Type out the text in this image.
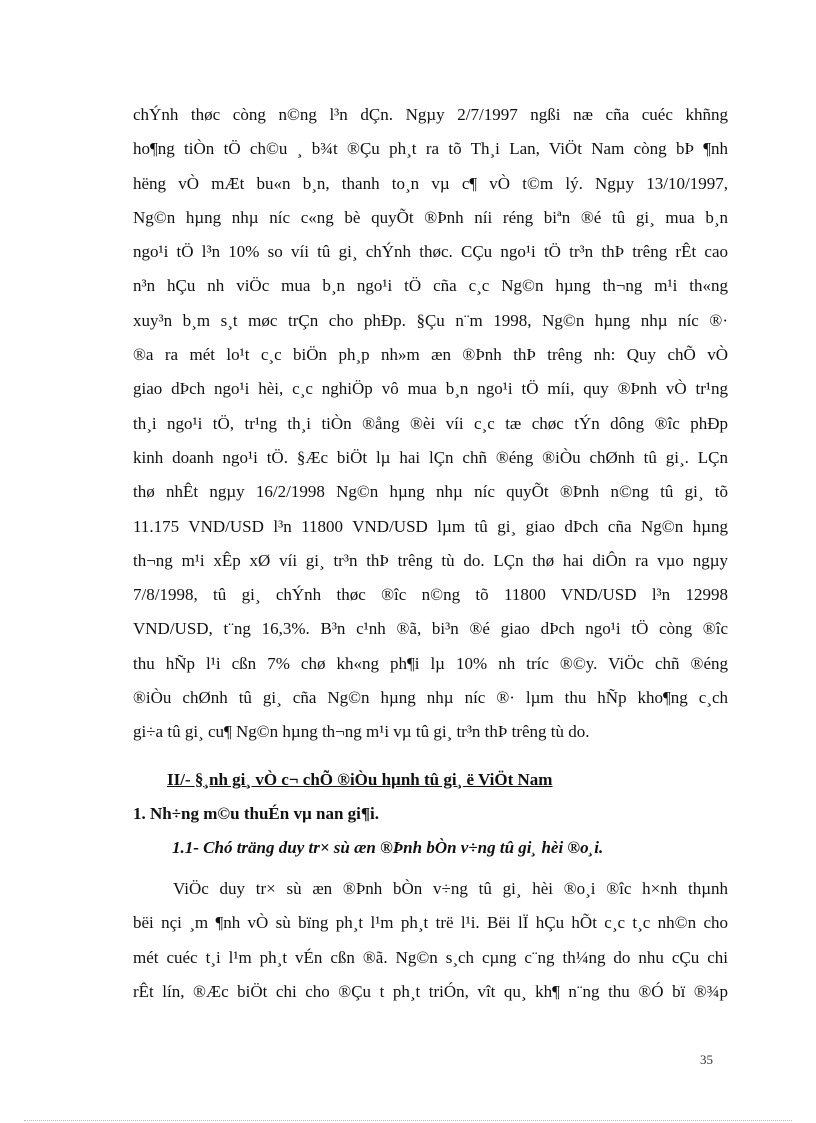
chÝnh thøc còng n©ng l³n dÇn. Ngµy 2/7/1997 ngßi næ cña cuéc khñng
ho¶ng tiÒn tÖ ch©u ¸ b¾t ®Çu ph¸t ra tõ Th¸i Lan, ViÖt Nam còng bÞ ¶nh
hëng vÒ mÆt bu«n b¸n, thanh to¸n vµ c¶ vÒ t©m lý. Ngµy 13/10/1997,
Ng©n hµng nhµ níc c«ng bè quyÕt ®Þnh níi réng biªn ®é tû gi¸ mua b¸n
ngo¹i tÖ l³n 10% so víi tû gi¸ chÝnh thøc. CÇu ngo¹i tÖ tr³n thÞ trêng rÊt cao
n³n hÇu nh viÖc mua b¸n ngo¹i tÖ cña c¸c Ng©n hµng th¬ng m¹i th«ng
xuy³n b¸m s¸t møc trÇn cho phÐp. §Çu n¨m 1998, Ng©n hµng nhµ níc ®·
®a ra mét lo¹t c¸c biÖn ph¸p nh»m æn ®Þnh thÞ trêng nh: Quy chÕ vÒ
giao dÞch ngo¹i hèi, c¸c nghiÖp vô mua b¸n ngo¹i tÖ míi, quy ®Þnh vÒ tr¹ng
th¸i ngo¹i tÖ, tr¹ng th¸i tiÒn ®ång ®èi víi c¸c tæ chøc tÝn dông ®îc phÐp
kinh doanh ngo¹i tÖ. §Æc biÖt lµ hai lÇn chñ ®éng ®iÒu chØnh tû gi¸. LÇn
thø nhÊt ngµy 16/2/1998 Ng©n hµng nhµ níc quyÕt ®Þnh n©ng tû gi¸ tõ
11.175 VND/USD l³n 11800 VND/USD lµm tû gi¸ giao dÞch cña Ng©n hµng
th¬ng m¹i xÊp xØ víi gi¸ tr³n thÞ trêng tù do. LÇn thø hai diÔn ra vµo ngµy
7/8/1998, tû gi¸ chÝnh thøc ®îc n©ng tõ 11800 VND/USD l³n 12998
VND/USD, t¨ng 16,3%. B³n c¹nh ®ã, bi³n ®é giao dÞch ngo¹i tÖ còng ®îc
thu hÑp l¹i cßn 7% chø kh«ng ph¶i lµ 10% nh tríc ®©y. ViÖc chñ ®éng
®iÒu chØnh tû gi¸ cña Ng©n hµng nhµ níc ®· lµm thu hÑp kho¶ng c¸ch
gi÷a tû gi¸ cu¶ Ng©n hµng th¬ng m¹i vµ tû gi¸ tr³n thÞ trêng tù do.
II/- §¸nh gi¸ vÒ c¬ chÕ ®iÒu hµnh tû gi¸ ë ViÖt Nam
1. Nh÷ng m©u thuÉn vµ nan gi¶i.
1.1- Chó träng duy tr× sù æn ®Þnh bÒn v÷ng tû gi¸ hèi ®o¸i.
ViÖc duy tr× sù æn ®Þnh bÒn v÷ng tû gi¸ hèi ®o¸i ®îc h×nh thµnh
bëi nçi ¸m ¶nh vÒ sù bïng ph¸t l¹m ph¸t trë l¹i. Bëi lÏ hÇu hÕt c¸c t¸c nh©n cho
mét cuéc t¸i l¹m ph¸t vÉn cßn ®ã. Ng©n s¸ch cµng c¨ng th¼ng do nhu cÇu chi
rÊt lín, ®Æc biÖt chi cho ®Çu t ph¸t triÓn, vît qu¸ kh¶ n¨ng thu ®Ó bï ®¾p
35
